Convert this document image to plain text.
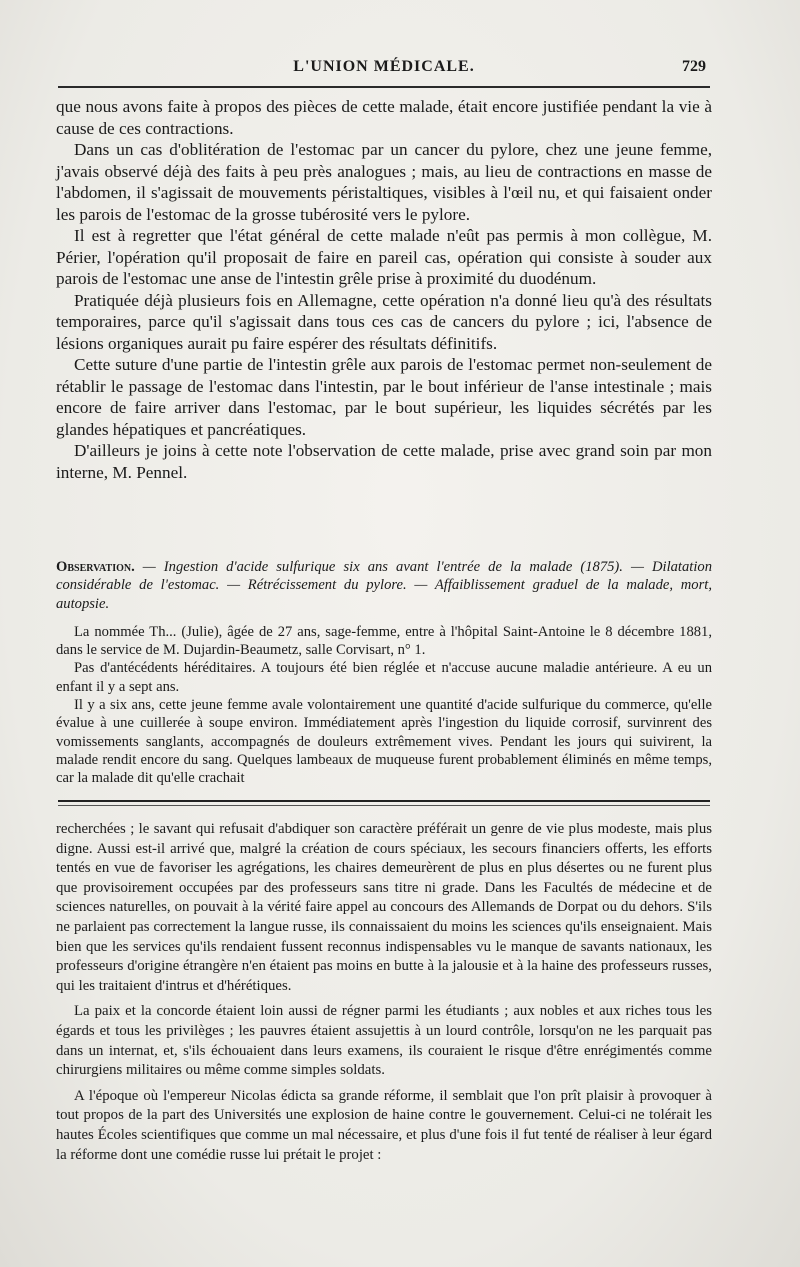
L'UNION MÉDICALE.	729

que nous avons faite à propos des pièces de cette malade, était encore justifiée pendant la vie à cause de ces contractions.

Dans un cas d'oblitération de l'estomac par un cancer du pylore, chez une jeune femme, j'avais observé déjà des faits à peu près analogues ; mais, au lieu de contractions en masse de l'abdomen, il s'agissait de mouvements péristaltiques, visibles à l'œil nu, et qui faisaient onder les parois de l'estomac de la grosse tubérosité vers le pylore.

Il est à regretter que l'état général de cette malade n'eût pas permis à mon collègue, M. Périer, l'opération qu'il proposait de faire en pareil cas, opération qui consiste à souder aux parois de l'estomac une anse de l'intestin grêle prise à proximité du duodénum.

Pratiquée déjà plusieurs fois en Allemagne, cette opération n'a donné lieu qu'à des résultats temporaires, parce qu'il s'agissait dans tous ces cas de cancers du pylore ; ici, l'absence de lésions organiques aurait pu faire espérer des résultats définitifs.

Cette suture d'une partie de l'intestin grêle aux parois de l'estomac permet non-seulement de rétablir le passage de l'estomac dans l'intestin, par le bout inférieur de l'anse intestinale ; mais encore de faire arriver dans l'estomac, par le bout supérieur, les liquides sécrétés par les glandes hépatiques et pancréatiques.

D'ailleurs je joins à cette note l'observation de cette malade, prise avec grand soin par mon interne, M. Pennel.

Observation. — Ingestion d'acide sulfurique six ans avant l'entrée de la malade (1875). — Dilatation considérable de l'estomac. — Rétrécissement du pylore. — Affaiblissement graduel de la malade, mort, autopsie.

La nommée Th... (Julie), âgée de 27 ans, sage-femme, entre à l'hôpital Saint-Antoine le 8 décembre 1881, dans le service de M. Dujardin-Beaumetz, salle Corvisart, n° 1.

Pas d'antécédents héréditaires. A toujours été bien réglée et n'accuse aucune maladie antérieure. A eu un enfant il y a sept ans.

Il y a six ans, cette jeune femme avale volontairement une quantité d'acide sulfurique du commerce, qu'elle évalue à une cuillerée à soupe environ. Immédiatement après l'ingestion du liquide corrosif, survinrent des vomissements sanglants, accompagnés de douleurs extrêmement vives. Pendant les jours qui suivirent, la malade rendit encore du sang. Quelques lambeaux de muqueuse furent probablement éliminés en même temps, car la malade dit qu'elle crachait

recherchées ; le savant qui refusait d'abdiquer son caractère préférait un genre de vie plus modeste, mais plus digne. Aussi est-il arrivé que, malgré la création de cours spéciaux, les secours financiers offerts, les efforts tentés en vue de favoriser les agrégations, les chaires demeurèrent de plus en plus désertes ou ne furent plus que provisoirement occupées par des professeurs sans titre ni grade. Dans les Facultés de médecine et de sciences naturelles, on pouvait à la vérité faire appel au concours des Allemands de Dorpat ou du dehors. S'ils ne parlaient pas correctement la langue russe, ils connaissaient du moins les sciences qu'ils enseignaient. Mais bien que les services qu'ils rendaient fussent reconnus indispensables vu le manque de savants nationaux, les professeurs d'origine étrangère n'en étaient pas moins en butte à la jalousie et à la haine des professeurs russes, qui les traitaient d'intrus et d'hérétiques.

La paix et la concorde étaient loin aussi de régner parmi les étudiants ; aux nobles et aux riches tous les égards et tous les privilèges ; les pauvres étaient assujettis à un lourd contrôle, lorsqu'on ne les parquait pas dans un internat, et, s'ils échouaient dans leurs examens, ils couraient le risque d'être enrégimentés comme chirurgiens militaires ou même comme simples soldats.

A l'époque où l'empereur Nicolas édicta sa grande réforme, il semblait que l'on prît plaisir à provoquer à tout propos de la part des Universités une explosion de haine contre le gouvernement. Celui-ci ne tolérait les hautes Écoles scientifiques que comme un mal nécessaire, et plus d'une fois il fut tenté de réaliser à leur égard la réforme dont une comédie russe lui prétait le projet :
